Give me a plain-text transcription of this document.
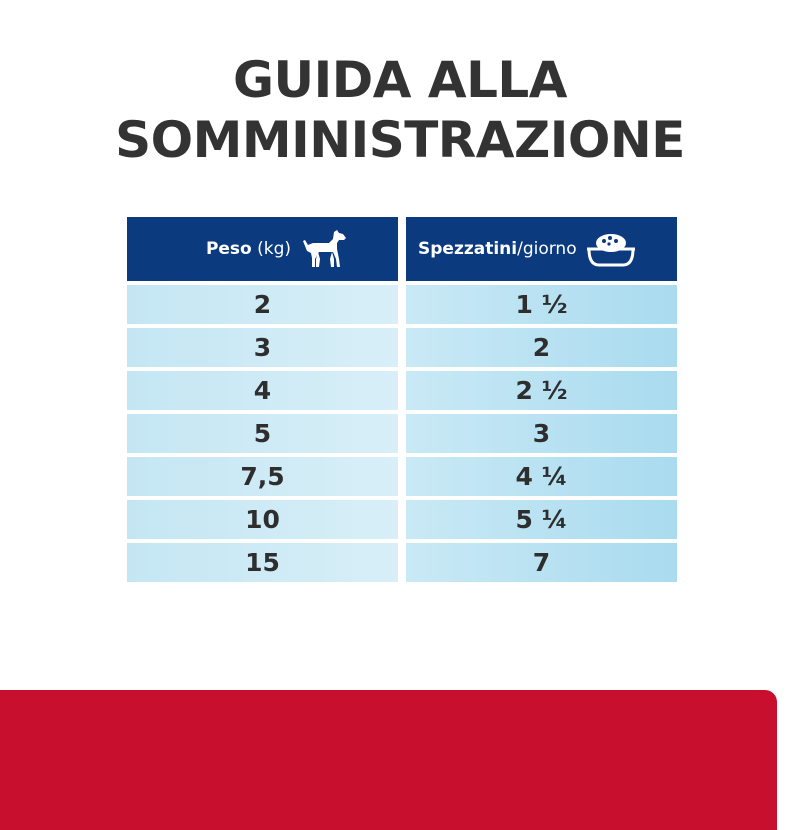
GUIDA ALLA
SOMMINISTRAZIONE
Peso (kg)	Spezzatini/giorno
2	1 ½
3	2
4	2 ½
5	3
7,5	4 ¼
10	5 ¼
15	7
